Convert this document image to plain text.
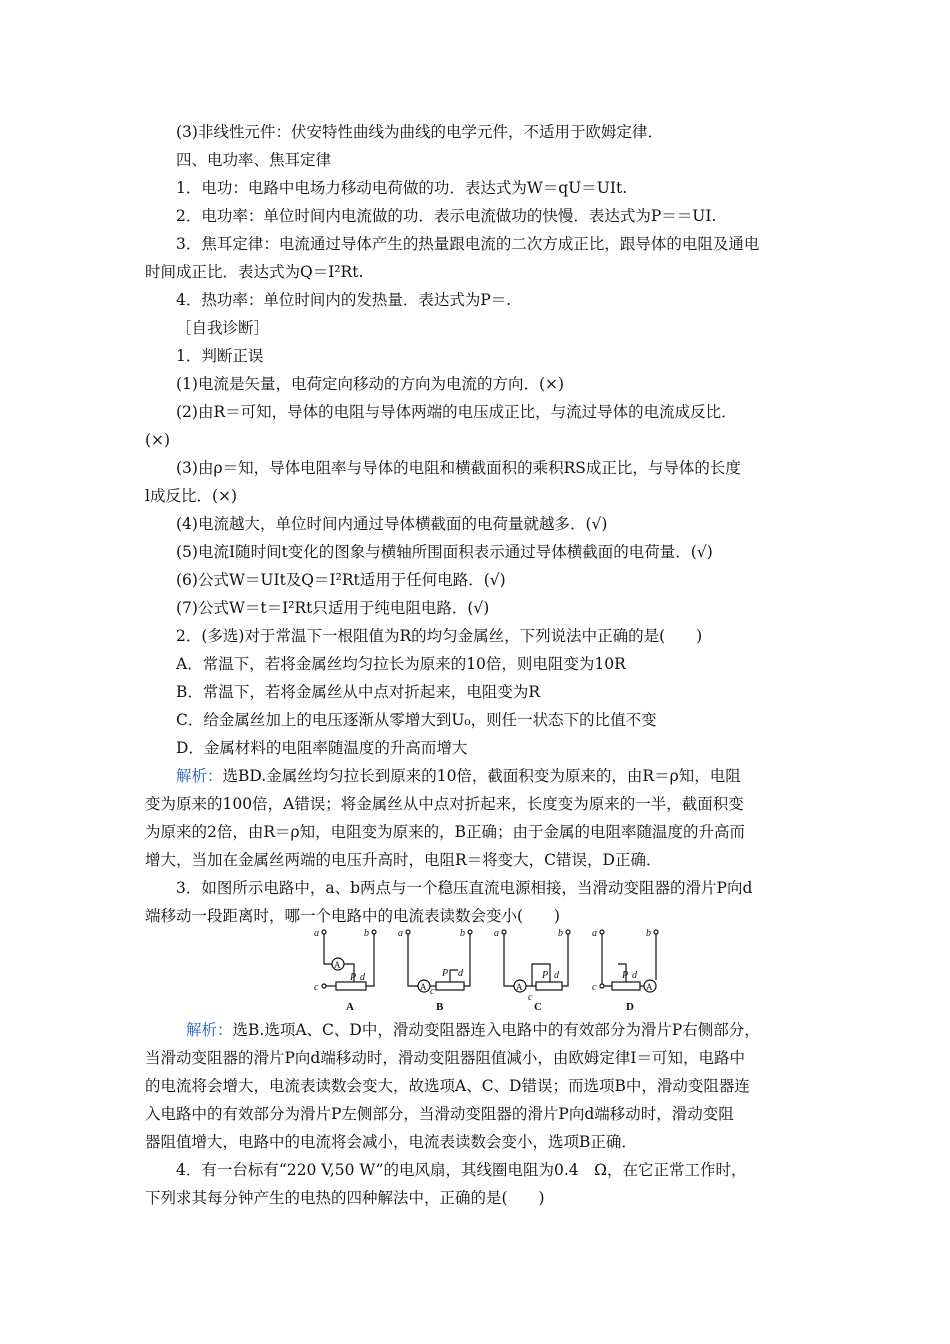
(3)非线性元件：伏安特性曲线为曲线的电学元件，不适用于欧姆定律．
四、电功率、焦耳定律
1．电功：电路中电场力移动电荷做的功．表达式为W＝qU＝UIt.
2．电功率：单位时间内电流做的功．表示电流做功的快慢．表达式为P＝＝UI.
3．焦耳定律：电流通过导体产生的热量跟电流的二次方成正比，跟导体的电阻及通电
时间成正比．表达式为Q＝I²Rt.
4．热功率：单位时间内的发热量．表达式为P＝.
［自我诊断］
1．判断正误
(1)电流是矢量，电荷定向移动的方向为电流的方向．(×)
(2)由R＝可知，导体的电阻与导体两端的电压成正比，与流过导体的电流成反比．
(×)
(3)由ρ＝知，导体电阻率与导体的电阻和横截面积的乘积RS成正比，与导体的长度
l成反比．(×)
(4)电流越大，单位时间内通过导体横截面的电荷量就越多．(√)
(5)电流I随时间t变化的图象与横轴所围面积表示通过导体横截面的电荷量．(√)
(6)公式W＝UIt及Q＝I²Rt适用于任何电路．(√)
(7)公式W＝t＝I²Rt只适用于纯电阻电路．(√)
2．(多选)对于常温下一根阻值为R的均匀金属丝，下列说法中正确的是(　　)
A．常温下，若将金属丝均匀拉长为原来的10倍，则电阻变为10R
B．常温下，若将金属丝从中点对折起来，电阻变为R
C．给金属丝加上的电压逐渐从零增大到U₀，则任一状态下的比值不变
D．金属材料的电阻率随温度的升高而增大
解析：选BD.金属丝均匀拉长到原来的10倍，截面积变为原来的，由R＝ρ知，电阻
变为原来的100倍，A错误；将金属丝从中点对折起来，长度变为原来的一半，截面积变
为原来的2倍，由R＝ρ知，电阻变为原来的，B正确；由于金属的电阻率随温度的升高而
增大，当加在金属丝两端的电压升高时，电阻R＝将变大，C错误，D正确．
3．如图所示电路中，a、b两点与一个稳压直流电源相接，当滑动变阻器的滑片P向d
端移动一段距离时，哪一个电路中的电流表读数会变小(　　)
a	b
c
P d
A
a	b
c
P d
A
a	b
c
P d
A
a	b
c
P d
A
A	B	C	D
解析：选B.选项A、C、D中，滑动变阻器连入电路中的有效部分为滑片P右侧部分，
当滑动变阻器的滑片P向d端移动时，滑动变阻器阻值减小，由欧姆定律I＝可知，电路中
的电流将会增大，电流表读数会变大，故选项A、C、D错误；而选项B中，滑动变阻器连
入电路中的有效部分为滑片P左侧部分，当滑动变阻器的滑片P向d端移动时，滑动变阻
器阻值增大，电路中的电流将会减小，电流表读数会变小，选项B正确．
4．有一台标有“220 V,50 W”的电风扇，其线圈电阻为0.4　Ω，在它正常工作时，
下列求其每分钟产生的电热的四种解法中，正确的是(　　)
